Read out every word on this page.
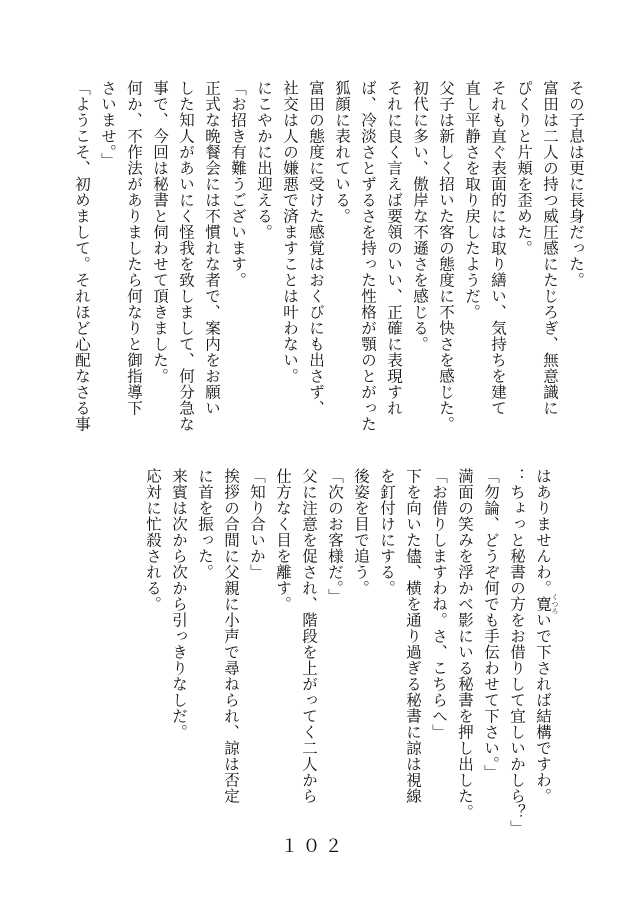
その子息は更に長身だった。
富田は二人の持つ威圧感にたじろぎ、無意識に
ぴくりと片頬を歪めた。
それも直ぐ表面的には取り繕い、気持ちを建て
直し平静さを取り戻したようだ。
父子は新しく招いた客の態度に不快さを感じた。
初代に多い、傲岸な不遜さを感じる。
それに良く言えば要領のいい、正確に表現すれ
ば、冷淡さとずるさを持った性格が顎のとがった
狐顔に表れている。
富田の態度に受けた感覚はおくびにも出さず、
社交は人の嫌悪で済ますことは叶わない。
にこやかに出迎える。
「お招き有難うございます。
正式な晩餐会には不慣れな者で、案内をお願い
した知人があいにく怪我を致しまして、何分急な
事で、今回は秘書と伺わせて頂きました。
何か、不作法がありましたら何なりと御指導下
さいませ。」
「ようこそ、初めまして。それほど心配なさる事
はありませんわ。寛 くつろいで下されば結構ですわ。
：ちょっと秘書の方をお借りして宜しいかしら？」
「勿論、どうぞ何でも手伝わせて下さい。」
満面の笑みを浮かべ影にいる秘書を押し出した。
「お借りしますわね。さ、こちらへ」
下を向いた儘、横を通り過ぎる秘書に諒は視線
を釘付けにする。
後姿を目で追う。
「次のお客様だ。」
父に注意を促され、階段を上がってく二人から
仕方なく目を離す。
「知り合いか」
挨拶の合間に父親に小声で尋ねられ、諒は否定
に首を振った。
来賓は次から次から引っきりなしだ。
応対に忙殺される。
１０２
